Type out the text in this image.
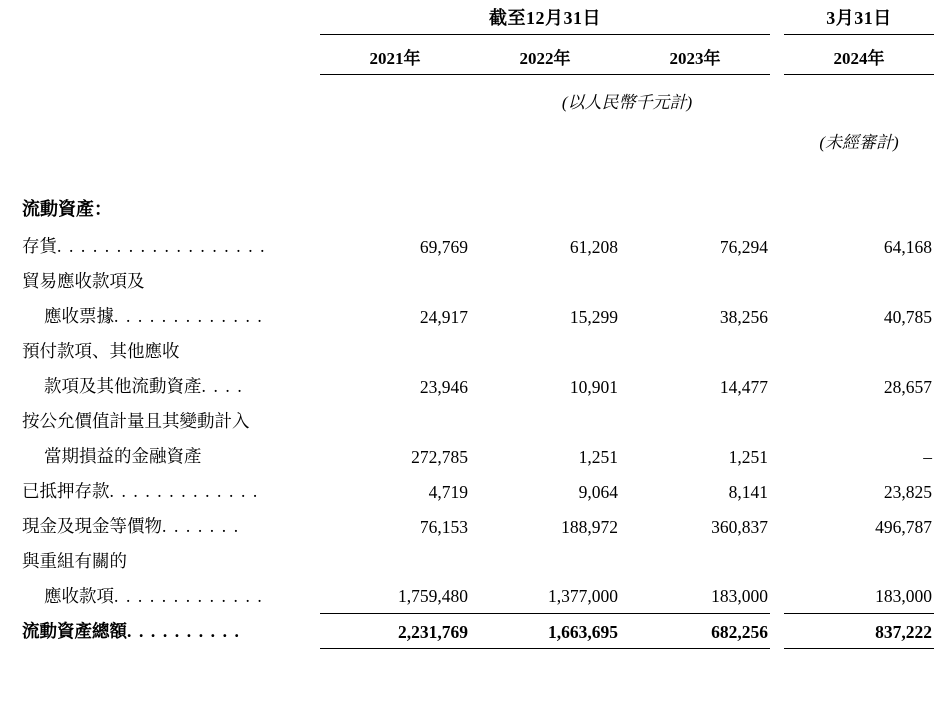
	截至12月31日				3月31日
	2021年	2022年	2023年		2024年
	(以人民幣千元計)				
					(未經審計)

流動資產：					
存貨. . . . . . . . . . . . . . . . . .	69,769	61,208	76,294		64,168
貿易應收款項及					
應收票據. . . . . . . . . . . . .	24,917	15,299	38,256		40,785
預付款項、其他應收					
款項及其他流動資產. . . .	23,946	10,901	14,477		28,657
按公允價值計量且其變動計入					
當期損益的金融資產	272,785	1,251	1,251		–
已抵押存款. . . . . . . . . . . . .	4,719	9,064	8,141		23,825
現金及現金等價物. . . . . . .	76,153	188,972	360,837		496,787
與重組有關的					
應收款項. . . . . . . . . . . . .	1,759,480	1,377,000	183,000		183,000
流動資產總額. . . . . . . . . .	2,231,769	1,663,695	682,256		837,222
